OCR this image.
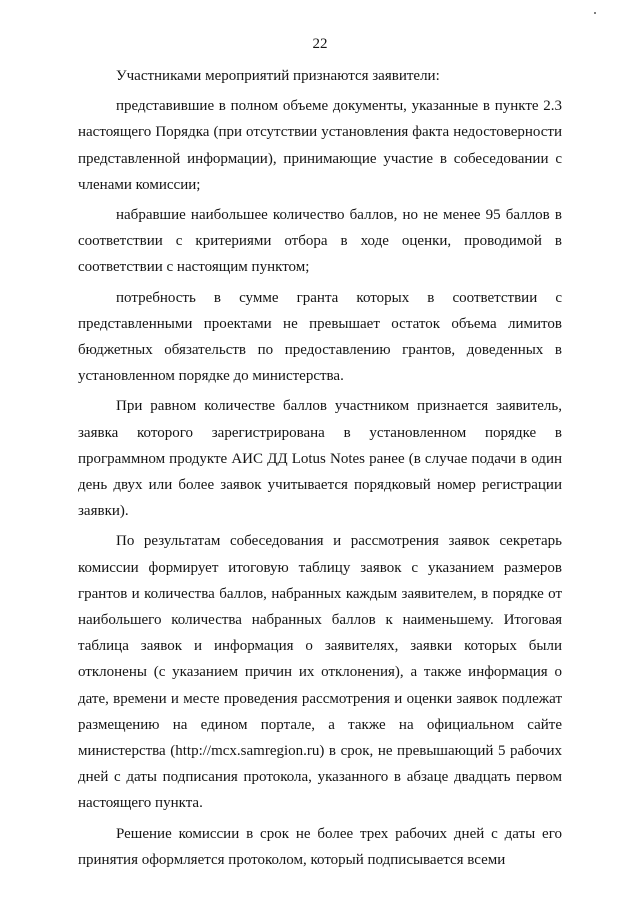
22

Участниками мероприятий признаются заявители:

представившие в полном объеме документы, указанные в пункте 2.3 настоящего Порядка (при отсутствии установления факта недостоверности представленной информации), принимающие участие в собеседовании с членами комиссии;

набравшие наибольшее количество баллов, но не менее 95 баллов в соответствии с критериями отбора в ходе оценки, проводимой в соответствии с настоящим пунктом;

потребность в сумме гранта которых в соответствии с представленными проектами не превышает остаток объема лимитов бюджетных обязательств по предоставлению грантов, доведенных в установленном порядке до министерства.

При равном количестве баллов участником признается заявитель, заявка которого зарегистрирована в установленном порядке в программном продукте АИС ДД Lotus Notes ранее (в случае подачи в один день двух или более заявок учитывается порядковый номер регистрации заявки).

По результатам собеседования и рассмотрения заявок секретарь комиссии формирует итоговую таблицу заявок с указанием размеров грантов и количества баллов, набранных каждым заявителем, в порядке от наибольшего количества набранных баллов к наименьшему. Итоговая таблица заявок и информация о заявителях, заявки которых были отклонены (с указанием причин их отклонения), а также информация о дате, времени и месте проведения рассмотрения и оценки заявок подлежат размещению на едином портале, а также на официальном сайте министерства (http://mcx.samregion.ru) в срок, не превышающий 5 рабочих дней с даты подписания протокола, указанного в абзаце двадцать первом настоящего пункта.

Решение комиссии в срок не более трех рабочих дней с даты его принятия оформляется протоколом, который подписывается всеми
